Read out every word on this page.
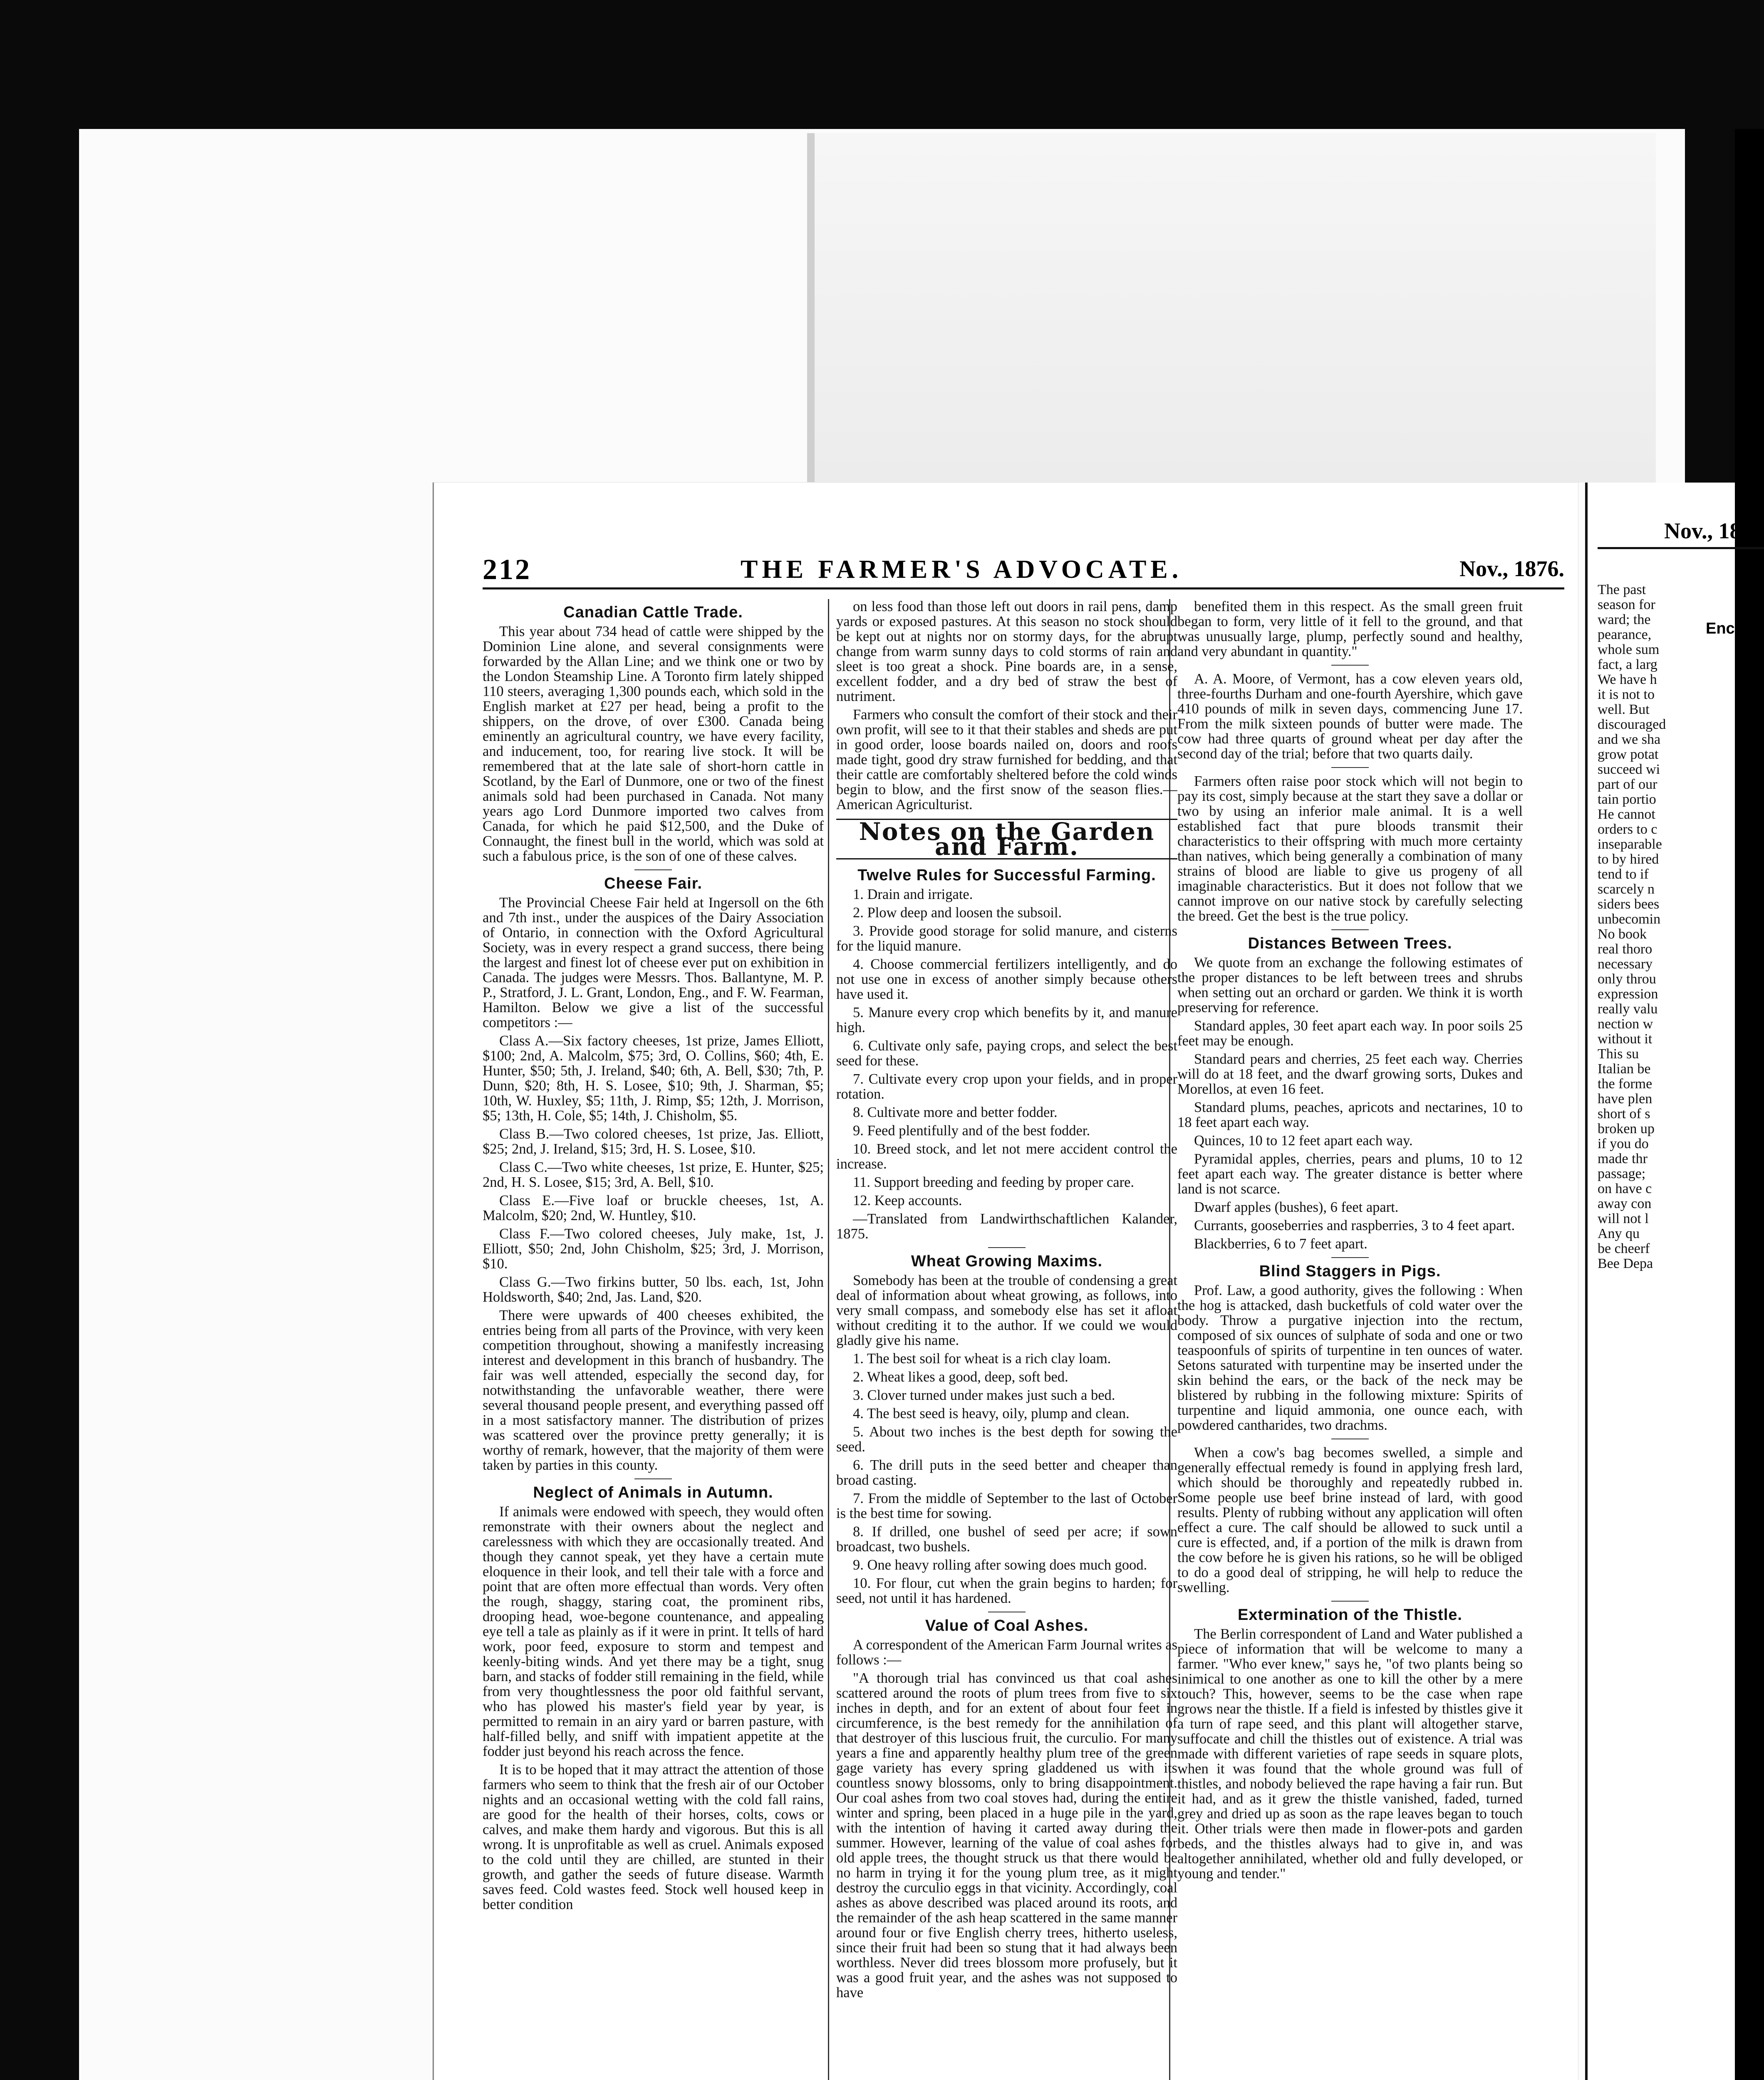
212	THE FARMER'S ADVOCATE.	Nov., 1876.
Canadian Cattle Trade.

This year about 734 head of cattle were shipped by the Dominion Line alone, and several consignments were forwarded by the Allan Line; and we think one or two by the London Steamship Line. A Toronto firm lately shipped 110 steers, averaging 1,300 pounds each, which sold in the English market at £27 per head, being a profit to the shippers, on the drove, of over £300. Canada being eminently an agricultural country, we have every facility, and inducement, too, for rearing live stock. It will be remembered that at the late sale of short-horn cattle in Scotland, by the Earl of Dunmore, one or two of the finest animals sold had been purchased in Canada. Not many years ago Lord Dunmore imported two calves from Canada, for which he paid $12,500, and the Duke of Connaught, the finest bull in the world, which was sold at such a fabulous price, is the son of one of these calves.

Cheese Fair.

The Provincial Cheese Fair held at Ingersoll on the 6th and 7th inst., under the auspices of the Dairy Association of Ontario, in connection with the Oxford Agricultural Society, was in every respect a grand success, there being the largest and finest lot of cheese ever put on exhibition in Canada. The judges were Messrs. Thos. Ballantyne, M. P. P., Stratford, J. L. Grant, London, Eng., and F. W. Fearman, Hamilton. Below we give a list of the successful competitors :—

Class A.—Six factory cheeses, 1st prize, James Elliott, $100; 2nd, A. Malcolm, $75; 3rd, O. Collins, $60; 4th, E. Hunter, $50; 5th, J. Ireland, $40; 6th, A. Bell, $30; 7th, P. Dunn, $20; 8th, H. S. Losee, $10; 9th, J. Sharman, $5; 10th, W. Huxley, $5; 11th, J. Rimp, $5; 12th, J. Morrison, $5; 13th, H. Cole, $5; 14th, J. Chisholm, $5.

Class B.—Two colored cheeses, 1st prize, Jas. Elliott, $25; 2nd, J. Ireland, $15; 3rd, H. S. Losee, $10.

Class C.—Two white cheeses, 1st prize, E. Hunter, $25; 2nd, H. S. Losee, $15; 3rd, A. Bell, $10.

Class E.—Five loaf or bruckle cheeses, 1st, A. Malcolm, $20; 2nd, W. Huntley, $10.

Class F.—Two colored cheeses, July make, 1st, J. Elliott, $50; 2nd, John Chisholm, $25; 3rd, J. Morrison, $10.

Class G.—Two firkins butter, 50 lbs. each, 1st, John Holdsworth, $40; 2nd, Jas. Land, $20.

There were upwards of 400 cheeses exhibited, the entries being from all parts of the Province, with very keen competition throughout, showing a manifestly increasing interest and development in this branch of husbandry. The fair was well attended, especially the second day, for notwithstanding the unfavorable weather, there were several thousand people present, and everything passed off in a most satisfactory manner. The distribution of prizes was scattered over the province pretty generally; it is worthy of remark, however, that the majority of them were taken by parties in this county.

Neglect of Animals in Autumn.

If animals were endowed with speech, they would often remonstrate with their owners about the neglect and carelessness with which they are occasionally treated. And though they cannot speak, yet they have a certain mute eloquence in their look, and tell their tale with a force and point that are often more effectual than words. Very often the rough, shaggy, staring coat, the prominent ribs, drooping head, woe-begone countenance, and appealing eye tell a tale as plainly as if it were in print. It tells of hard work, poor feed, exposure to storm and tempest and keenly-biting winds. And yet there may be a tight, snug barn, and stacks of fodder still remaining in the field, while from very thoughtlessness the poor old faithful servant, who has plowed his master's field year by year, is permitted to remain in an airy yard or barren pasture, with half-filled belly, and sniff with impatient appetite at the fodder just beyond his reach across the fence.

It is to be hoped that it may attract the attention of those farmers who seem to think that the fresh air of our October nights and an occasional wetting with the cold fall rains, are good for the health of their horses, colts, cows or calves, and make them hardy and vigorous. But this is all wrong. It is unprofitable as well as cruel. Animals exposed to the cold until they are chilled, are stunted in their growth, and gather the seeds of future disease. Warmth saves feed. Cold wastes feed. Stock well housed keep in better condition

on less food than those left out doors in rail pens, damp yards or exposed pastures. At this season no stock should be kept out at nights nor on stormy days, for the abrupt change from warm sunny days to cold storms of rain and sleet is too great a shock. Pine boards are, in a sense, excellent fodder, and a dry bed of straw the best of nutriment.

Farmers who consult the comfort of their stock and their own profit, will see to it that their stables and sheds are put in good order, loose boards nailed on, doors and roofs made tight, good dry straw furnished for bedding, and that their cattle are comfortably sheltered before the cold winds begin to blow, and the first snow of the season flies.—American Agriculturist.

Notes on the Garden and Farm.
Twelve Rules for Successful Farming.

1. Drain and irrigate.

2. Plow deep and loosen the subsoil.

3. Provide good storage for solid manure, and cisterns for the liquid manure.

4. Choose commercial fertilizers intelligently, and do not use one in excess of another simply because others have used it.

5. Manure every crop which benefits by it, and manure high.

6. Cultivate only safe, paying crops, and select the best seed for these.

7. Cultivate every crop upon your fields, and in proper rotation.

8. Cultivate more and better fodder.

9. Feed plentifully and of the best fodder.

10. Breed stock, and let not mere accident control the increase.

11. Support breeding and feeding by proper care.

12. Keep accounts.

—Translated from Landwirthschaftlichen Kalander, 1875.

Wheat Growing Maxims.

Somebody has been at the trouble of condensing a great deal of information about wheat growing, as follows, into very small compass, and somebody else has set it afloat without crediting it to the author. If we could we would gladly give his name.

1. The best soil for wheat is a rich clay loam.

2. Wheat likes a good, deep, soft bed.

3. Clover turned under makes just such a bed.

4. The best seed is heavy, oily, plump and clean.

5. About two inches is the best depth for sowing the seed.

6. The drill puts in the seed better and cheaper than broad casting.

7. From the middle of September to the last of October is the best time for sowing.

8. If drilled, one bushel of seed per acre; if sown broadcast, two bushels.

9. One heavy rolling after sowing does much good.

10. For flour, cut when the grain begins to harden; for seed, not until it has hardened.

Value of Coal Ashes.

A correspondent of the American Farm Journal writes as follows :—

"A thorough trial has convinced us that coal ashes scattered around the roots of plum trees from five to six inches in depth, and for an extent of about four feet in circumference, is the best remedy for the annihilation of that destroyer of this luscious fruit, the curculio. For many years a fine and apparently healthy plum tree of the green gage variety has every spring gladdened us with its countless snowy blossoms, only to bring disappointment. Our coal ashes from two coal stoves had, during the entire winter and spring, been placed in a huge pile in the yard, with the intention of having it carted away during the summer. However, learning of the value of coal ashes for old apple trees, the thought struck us that there would be no harm in trying it for the young plum tree, as it might destroy the curculio eggs in that vicinity. Accordingly, coal ashes as above described was placed around its roots, and the remainder of the ash heap scattered in the same manner around four or five English cherry trees, hitherto useless, since their fruit had been so stung that it had always been worthless. Never did trees blossom more profusely, but it was a good fruit year, and the ashes was not supposed to have

benefited them in this respect. As the small green fruit began to form, very little of it fell to the ground, and that was unusually large, plump, perfectly sound and healthy, and very abundant in quantity."

A. A. Moore, of Vermont, has a cow eleven years old, three-fourths Durham and one-fourth Ayershire, which gave 410 pounds of milk in seven days, commencing June 17. From the milk sixteen pounds of butter were made. The cow had three quarts of ground wheat per day after the second day of the trial; before that two quarts daily.

Farmers often raise poor stock which will not begin to pay its cost, simply because at the start they save a dollar or two by using an inferior male animal. It is a well established fact that pure bloods transmit their characteristics to their offspring with much more certainty than natives, which being generally a combination of many strains of blood are liable to give us progeny of all imaginable characteristics. But it does not follow that we cannot improve on our native stock by carefully selecting the breed. Get the best is the true policy.

Distances Between Trees.

We quote from an exchange the following estimates of the proper distances to be left between trees and shrubs when setting out an orchard or garden. We think it is worth preserving for reference.

Standard apples, 30 feet apart each way. In poor soils 25 feet may be enough.

Standard pears and cherries, 25 feet each way. Cherries will do at 18 feet, and the dwarf growing sorts, Dukes and Morellos, at even 16 feet.

Standard plums, peaches, apricots and nectarines, 10 to 18 feet apart each way.

Quinces, 10 to 12 feet apart each way.

Pyramidal apples, cherries, pears and plums, 10 to 12 feet apart each way. The greater distance is better where land is not scarce.

Dwarf apples (bushes), 6 feet apart.

Currants, gooseberries and raspberries, 3 to 4 feet apart.

Blackberries, 6 to 7 feet apart.

Blind Staggers in Pigs.

Prof. Law, a good authority, gives the following : When the hog is attacked, dash bucketfuls of cold water over the body. Throw a purgative injection into the rectum, composed of six ounces of sulphate of soda and one or two teaspoonfuls of spirits of turpentine in ten ounces of water. Setons saturated with turpentine may be inserted under the skin behind the ears, or the back of the neck may be blistered by rubbing in the following mixture: Spirits of turpentine and liquid ammonia, one ounce each, with powdered cantharides, two drachms.

When a cow's bag becomes swelled, a simple and generally effectual remedy is found in applying fresh lard, which should be thoroughly and repeatedly rubbed in. Some people use beef brine instead of lard, with good results. Plenty of rubbing without any application will often effect a cure. The calf should be allowed to suck until a cure is effected, and, if a portion of the milk is drawn from the cow before he is given his rations, so he will be obliged to do a good deal of stripping, he will help to reduce the swelling.

Extermination of the Thistle.

The Berlin correspondent of Land and Water published a piece of information that will be welcome to many a farmer. "Who ever knew," says he, "of two plants being so inimical to one another as one to kill the other by a mere touch? This, however, seems to be the case when rape grows near the thistle. If a field is infested by thistles give it a turn of rape seed, and this plant will altogether starve, suffocate and chill the thistles out of existence. A trial was made with different varieties of rape seeds in square plots, when it was found that the whole ground was full of thistles, and nobody believed the rape having a fair run. But it had, and as it grew the thistle vanished, faded, turned grey and dried up as soon as the rape leaves began to touch it. Other trials were then made in flower-pots and garden beds, and the thistles always had to give in, and was altogether annihilated, whether old and fully developed, or young and tender."

Nov., 18
Encou
The past
season for
ward; the
pearance,
whole sum
fact, a larg
We have h
it is not to
well. But
discouraged
and we sha
grow potat
succeed wi
part of our
tain portio
He cannot
orders to c
inseparable
to by hired
tend to if
scarcely n
siders bees
unbecomin
No book
real thoro
necessary
only throu
expression
really valu
nection w
without it
This su
Italian be
the forme
have plen
short of s
broken up
if you do
made thr
passage;
on have c
away con
will not l
Any qu
be cheerf
Bee Depa
